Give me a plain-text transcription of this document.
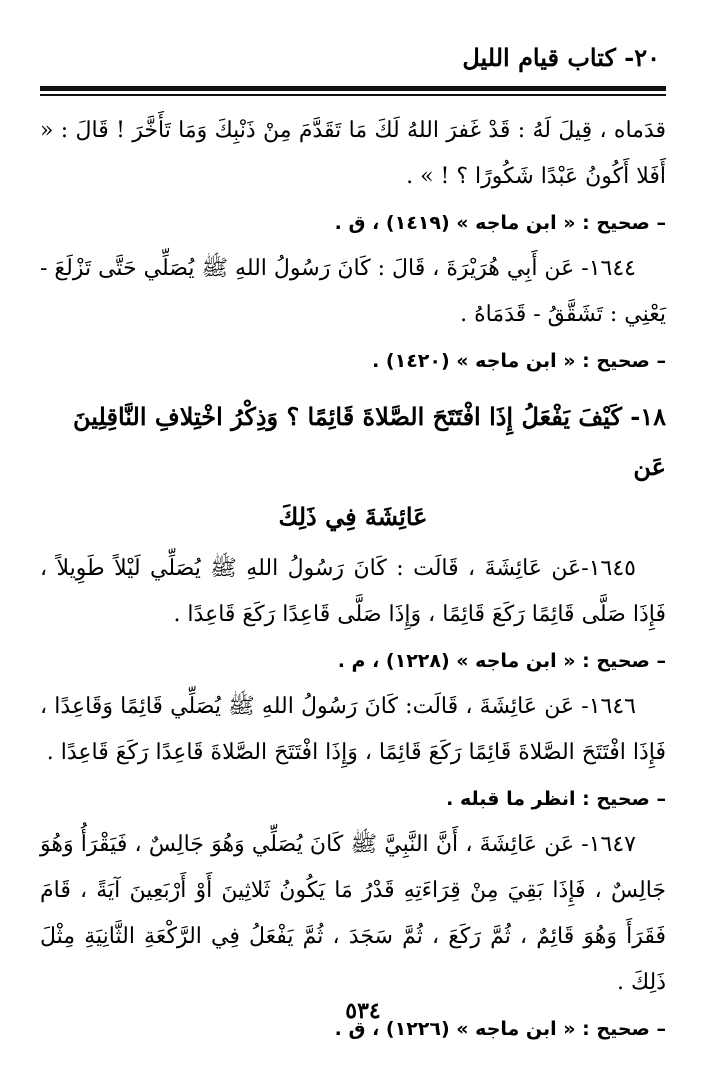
٢٠- كتاب قيام الليل

قدَماه ، قِيلَ لَهُ : قَدْ غَفرَ اللهُ لَكَ مَا تَقَدَّمَ مِنْ ذَنْبِكَ وَمَا تَأَخَّرَ ! قَالَ : « أَفَلا أَكُونُ عَبْدًا شَكُورًا ؟ ! » .

– صحيح : « ابن ماجه » (١٤١٩) ، ق .

١٦٤٤- عَن أَبِي هُرَيْرَةَ ، قَالَ : كَانَ رَسُولُ اللهِ ﷺ يُصَلِّي حَتَّى تَزْلَعَ - يَعْنِي : تَشَقَّقُ - قَدَمَاهُ .

– صحيح : « ابن ماجه » (١٤٢٠) .

١٨- كَيْفَ يَفْعَلُ إِذَا افْتَتَحَ الصَّلاةَ قَائِمًا ؟ وَذِكْرُ اخْتِلافِ النَّاقِلِينَ عَن
عَائِشَةَ فِي ذَلِكَ

١٦٤٥-عَن عَائِشَةَ ، قَالَت : كَانَ رَسُولُ اللهِ ﷺ يُصَلِّي لَيْلاً طَوِيلاً ، فَإِذَا صَلَّى قَائِمًا رَكَعَ قَائِمًا ، وَإِذَا صَلَّى قَاعِدًا رَكَعَ قَاعِدًا .

– صحيح : « ابن ماجه » (١٢٢٨) ، م .

١٦٤٦- عَن عَائِشَةَ ، قَالَت: كَانَ رَسُولُ اللهِ ﷺ يُصَلِّي قَائِمًا وَقَاعِدًا ، فَإِذَا افْتَتَحَ الصَّلاةَ قَائِمًا رَكَعَ قَائِمًا ، وَإِذَا افْتَتَحَ الصَّلاةَ قَاعِدًا رَكَعَ قَاعِدًا .

– صحيح : انظر ما قبله .

١٦٤٧- عَن عَائِشَةَ ، أَنَّ النَّبِيَّ ﷺ كَانَ يُصَلِّي وَهُوَ جَالِسٌ ، فَيَقْرَأُ وَهُوَ جَالِسٌ ، فَإِذَا بَقِيَ مِنْ قِرَاءَتِهِ قَدْرُ مَا يَكُونُ ثَلاثِينَ أَوْ أَرْبَعِينَ آيَةً ، قَامَ فَقَرَأَ وَهُوَ قَائِمٌ ، ثُمَّ رَكَعَ ، ثُمَّ سَجَدَ ، ثُمَّ يَفْعَلُ فِي الرَّكْعَةِ الثَّانِيَةِ مِثْلَ ذَلِكَ .

– صحيح : « ابن ماجه » (١٢٢٦) ، ق .

٥٣٤
